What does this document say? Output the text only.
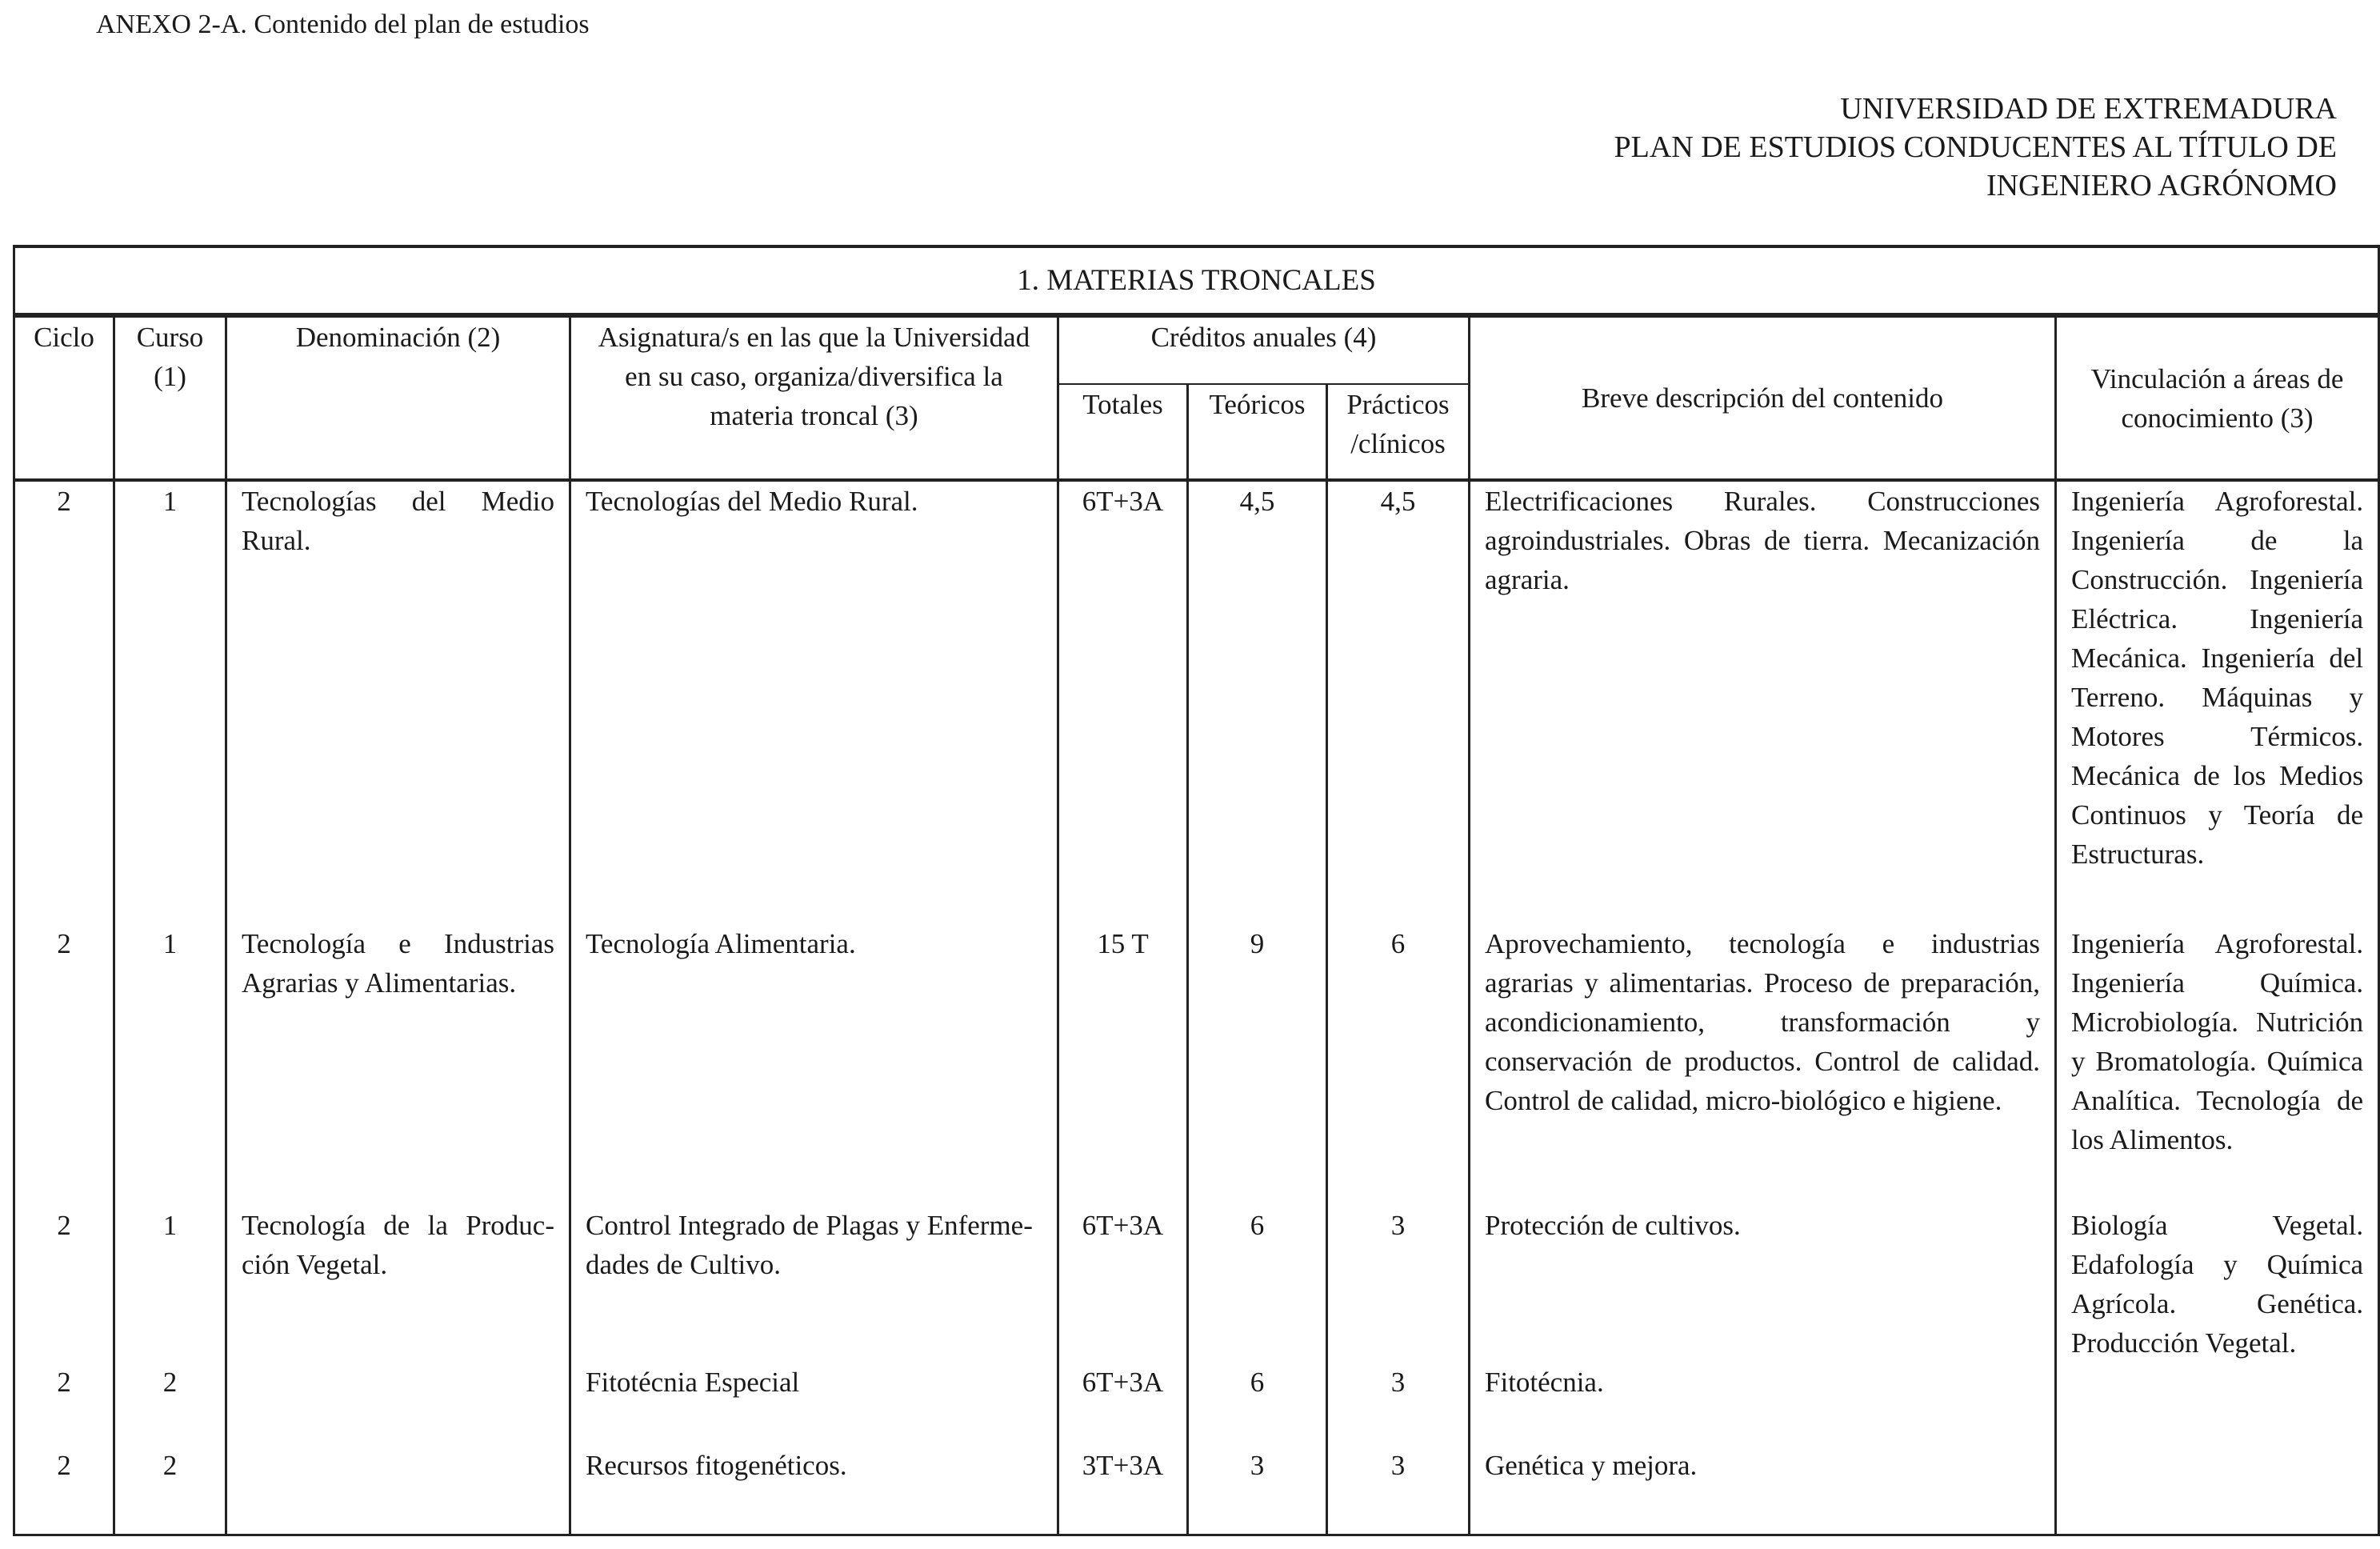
ANEXO 2-A. Contenido del plan de estudios
UNIVERSIDAD DE EXTREMADURA
PLAN DE ESTUDIOS CONDUCENTES AL TÍTULO DE
INGENIERO AGRÓNOMO
1. MATERIAS TRONCALES								
Ciclo	Curso (1)	Denominación (2)	Asignatura/s en las que la Universidad en su caso, organiza/diversifica la materia troncal (3)	Créditos anuales (4)			Breve descripción del contenido	Vinculación a áreas de conocimiento (3)
				Totales	Teóricos	Prácticos /clínicos		
2	1	Tecnologías del Medio Rural.	Tecnologías del Medio Rural.	6T+3A	4,5	4,5	Electrificaciones Rurales. Construcciones agroindustriales. Obras de tierra. Mecanización agraria.	Ingeniería Agroforestal. Ingeniería de la Construcción. Ingeniería Eléctrica. Ingeniería Mecánica. Ingeniería del Terreno. Máquinas y Motores Térmicos. Mecánica de los Medios Continuos y Teoría de Estructuras.
2	1	Tecnología e Industrias Agrarias y Alimentarias.	Tecnología Alimentaria.	15 T	9	6	Aprovechamiento, tecnología e industrias agrarias y alimentarias. Proceso de preparación, acondicionamiento, transformación y conservación de productos. Control de calidad. Control de calidad, micro-biológico e higiene.	Ingeniería Agroforestal. Ingeniería Química. Microbiología. Nutrición y Bromatología. Química Analítica. Tecnología de los Alimentos.
2	1	Tecnología de la Produc-ción Vegetal.	Control Integrado de Plagas y Enferme-dades de Cultivo.	6T+3A	6	3	Protección de cultivos.	Biología Vegetal. Edafología y Química Agrícola. Genética. Producción Vegetal.
2	2		Fitotécnia Especial	6T+3A	6	3	Fitotécnia.	
2	2		Recursos fitogenéticos.	3T+3A	3	3	Genética y mejora.	
